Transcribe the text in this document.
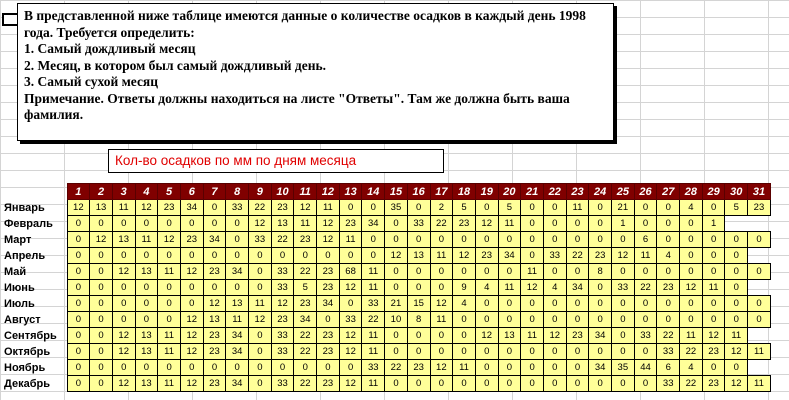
В представленной ниже таблице имеются данные о количестве осадков в каждый день 1998 года. Требуется определить:
1. Самый дождливый месяц
2. Месяц, в котором был самый дождливый день.
3. Самый сухой месяц
Примечание. Ответы должны находиться на листе "Ответы". Там же должна быть ваша фамилия.
Кол-во осадков по мм по дням месяца
	1	2	3	4	5	6	7	8	9	10	11	12	13	14	15	16	17	18	19	20	21	22	23	24	25	26	27	28	29	30	31
Январь	12	13	11	12	23	34	0	33	22	23	12	11	0	0	35	0	2	5	0	5	0	0	11	0	21	0	0	4	0	5	23
Февраль	0	0	0	0	0	0	0	0	12	13	11	12	23	34	0	33	22	23	12	11	0	0	0	0	1	0	0	0	1		
Март	0	12	13	11	12	23	34	0	33	22	23	12	11	0	0	0	0	0	0	0	0	0	0	0	0	6	0	0	0	0	0
Апрель	0	0	0	0	0	0	0	0	0	0	0	0	0	0	12	13	11	12	23	34	0	33	22	23	12	11	4	0	0	0	
Май	0	0	12	13	11	12	23	34	0	33	22	23	68	11	0	0	0	0	0	0	11	0	0	8	0	0	0	0	0	0	0
Июнь	0	0	0	0	0	0	0	0	0	33	5	23	12	11	0	0	0	9	4	11	12	4	34	0	33	22	23	12	11	0	
Июль	0	0	0	0	0	0	12	13	11	12	23	34	0	33	21	15	12	4	0	0	0	0	0	0	0	0	0	0	0	0	0
Август	0	0	0	0	0	12	13	11	12	23	34	0	33	22	10	8	11	0	0	0	0	0	0	0	0	0	0	0	0	0	0
Сентябрь	0	0	12	13	11	12	23	34	0	33	22	23	12	11	0	0	0	0	12	13	11	12	23	34	0	33	22	11	12	11	
Октябрь	0	0	12	13	11	12	23	34	0	33	22	23	12	11	0	0	0	0	0	0	0	0	0	0	0	0	33	22	23	12	11
Ноябрь	0	0	0	0	0	0	0	0	0	0	0	0	0	33	22	23	12	11	0	0	0	0	0	34	35	44	6	4	0	0	
Декабрь	0	0	12	13	11	12	23	34	0	33	22	23	12	11	0	0	0	0	0	0	0	0	0	0	0	0	33	22	23	12	11
